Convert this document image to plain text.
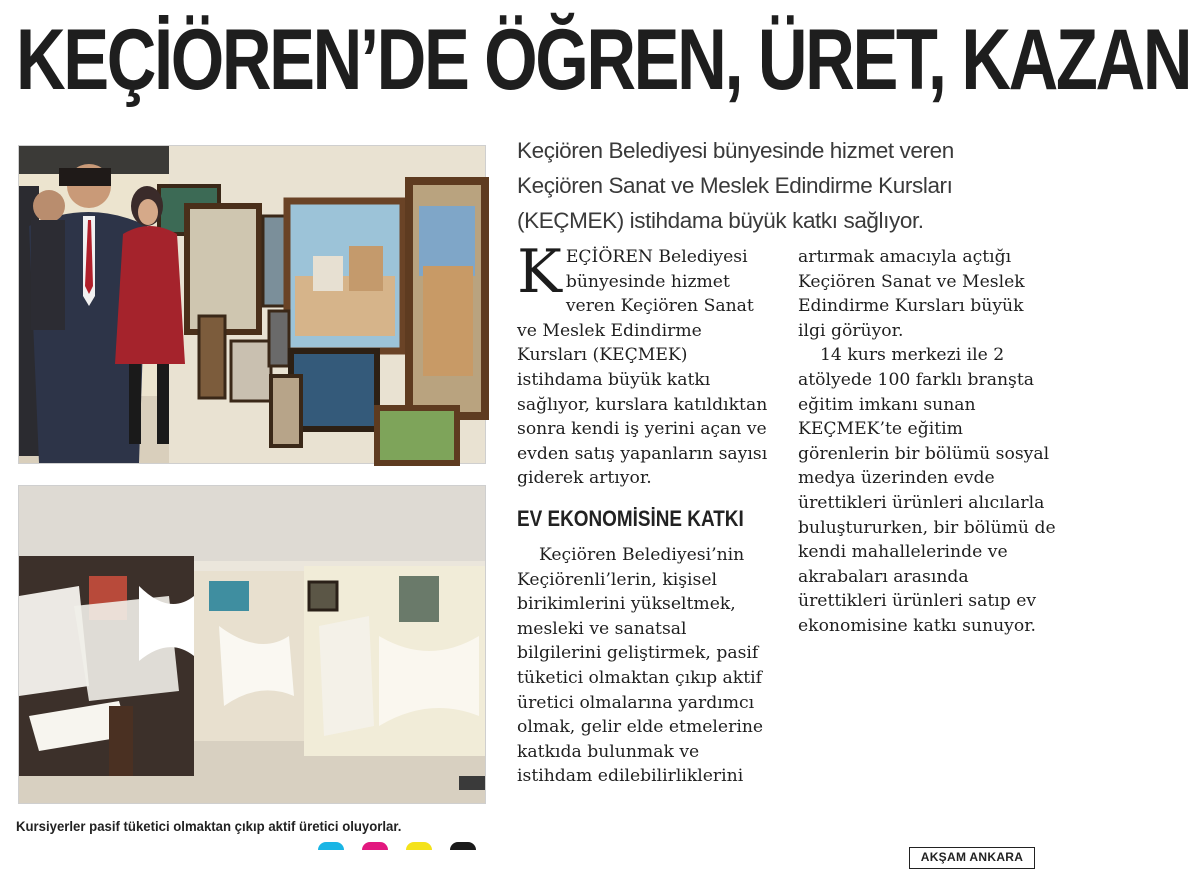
KEÇİÖREN’DE ÖĞREN, ÜRET, KAZAN
Kursiyerler pasif tüketici olmaktan çıkıp aktif üretici oluyorlar.
Keçiören Belediyesi bünyesinde hizmet veren Keçiören Sanat ve Meslek Edindirme Kursları (KEÇMEK) istihdama büyük katkı sağlıyor.

KEÇİÖREN Belediyesi bünyesinde hizmet veren Keçiören Sanat ve Meslek Edindirme Kursları (KEÇMEK) istihdama büyük katkı sağlıyor, kurslara katıldıktan sonra kendi iş yerini açan ve evden satış yapanların sayısı giderek artıyor.

EV EKONOMİSİNE KATKI

Keçiören Belediyesi’nin Keçiörenli’lerin, kişisel birikimlerini yükseltmek, mesleki ve sanatsal bilgilerini geliştirmek, pasif tüketici olmaktan çıkıp aktif üretici olmalarına yardımcı olmak, gelir elde etmelerine katkıda bulunmak ve istihdam edilebilirliklerini

artırmak amacıyla açtığı Keçiören Sanat ve Meslek Edindirme Kursları büyük ilgi görüyor.

14 kurs merkezi ile 2 atölyede 100 farklı branşta eğitim imkanı sunan KEÇMEK’te eğitim görenlerin bir bölümü sosyal medya üzerinden evde ürettikleri ürünleri alıcılarla buluştururken, bir bölümü de kendi mahallelerinde ve akrabaları arasında ürettikleri ürünleri satıp ev ekonomisine katkı sunuyor.

AKŞAM ANKARA
